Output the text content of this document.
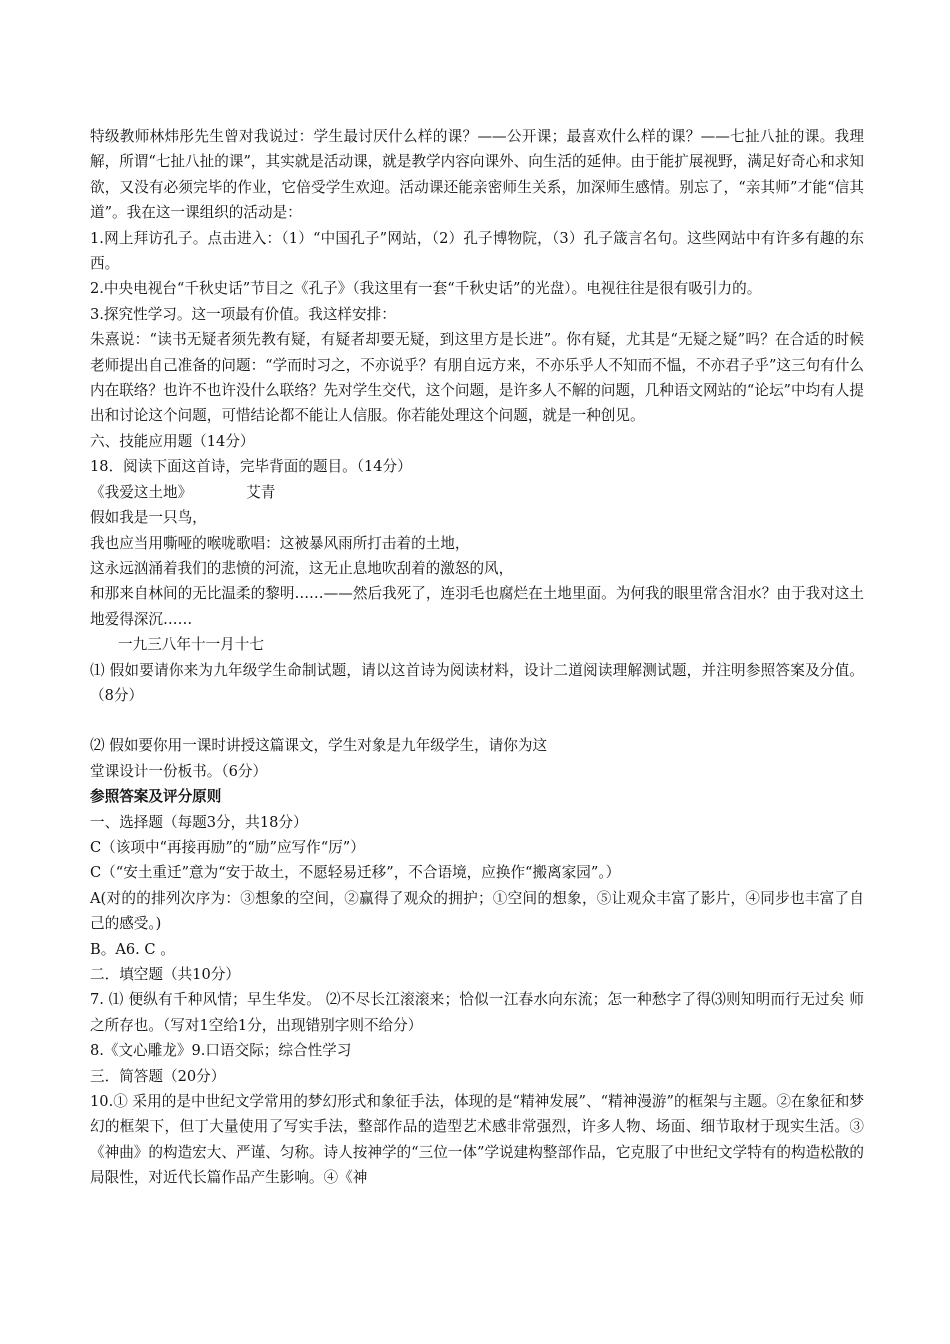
特级教师林炜彤先生曾对我说过：学生最讨厌什么样的课？——公开课；最喜欢什么样的课？——七扯八扯的课。我理解，所谓“七扯八扯的课”，其实就是活动课，就是教学内容向课外、向生活的延伸。由于能扩展视野，满足好奇心和求知欲，又没有必须完毕的作业，它倍受学生欢迎。活动课还能亲密师生关系，加深师生感情。别忘了，“亲其师”才能“信其道”。我在这一课组织的活动是：

1.网上拜访孔子。点击进入：（1）“中国孔子”网站，（2）孔子博物院，（3）孔子箴言名句。这些网站中有许多有趣的东西。

2.中央电视台“千秋史话”节目之《孔子》（我这里有一套“千秋史话”的光盘）。电视往往是很有吸引力的。

3.探究性学习。这一项最有价值。我这样安排：

朱熹说：“读书无疑者须先教有疑，有疑者却要无疑，到这里方是长进”。你有疑，尤其是“无疑之疑”吗？在合适的时候老师提出自己准备的问题：“学而时习之，不亦说乎？有朋自远方来，不亦乐乎人不知而不愠，不亦君子乎”这三句有什么内在联络？也许不也许没什么联络？先对学生交代，这个问题，是许多人不解的问题，几种语文网站的“论坛”中均有人提出和讨论这个问题，可惜结论都不能让人信服。你若能处理这个问题，就是一种创见。

六、技能应用题（14分）

18．阅读下面这首诗，完毕背面的题目。（14分）

《我爱这土地》	艾青

假如我是一只鸟，

我也应当用嘶哑的喉咙歌唱：这被暴风雨所打击着的土地，

这永远汹涌着我们的悲愤的河流，这无止息地吹刮着的激怒的风，

和那来自林间的无比温柔的黎明……——然后我死了，连羽毛也腐烂在土地里面。为何我的眼里常含泪水？由于我对这土地爱得深沉……

一九三八年十一月十七

⑴ 假如要请你来为九年级学生命制试题，请以这首诗为阅读材料，设计二道阅读理解测试题，并注明参照答案及分值。（8分）

⑵ 假如要你用一课时讲授这篇课文，学生对象是九年级学生，请你为这

堂课设计一份板书。（6分）

参照答案及评分原则

一、选择题（每题3分，共18分）

C（该项中“再接再励”的“励”应写作“厉”）

C（“安土重迁”意为“安于故土，不愿轻易迁移”，不合语境，应换作“搬离家园”。）

A(对的的排列次序为：③想象的空间，②赢得了观众的拥护；①空间的想象，⑤让观众丰富了影片，④同步也丰富了自己的感受。)

B。A6. C 。

二．填空题（共10分）

7. ⑴ 便纵有千种风情；早生华发。 ⑵不尽长江滚滚来；恰似一江春水向东流；怎一种愁字了得⑶则知明而行无过矣 师之所存也。（写对1空给1分，出现错别字则不给分）

8.《文心雕龙》9.口语交际；综合性学习

三．简答题（20分）

10.① 采用的是中世纪文学常用的梦幻形式和象征手法，体现的是“精神发展”、“精神漫游”的框架与主题。②在象征和梦幻的框架下，但丁大量使用了写实手法，整部作品的造型艺术感非常强烈，许多人物、场面、细节取材于现实生活。③《神曲》的构造宏大、严谨、匀称。诗人按神学的“三位一体”学说建构整部作品，它克服了中世纪文学特有的构造松散的局限性，对近代长篇作品产生影响。④《神
